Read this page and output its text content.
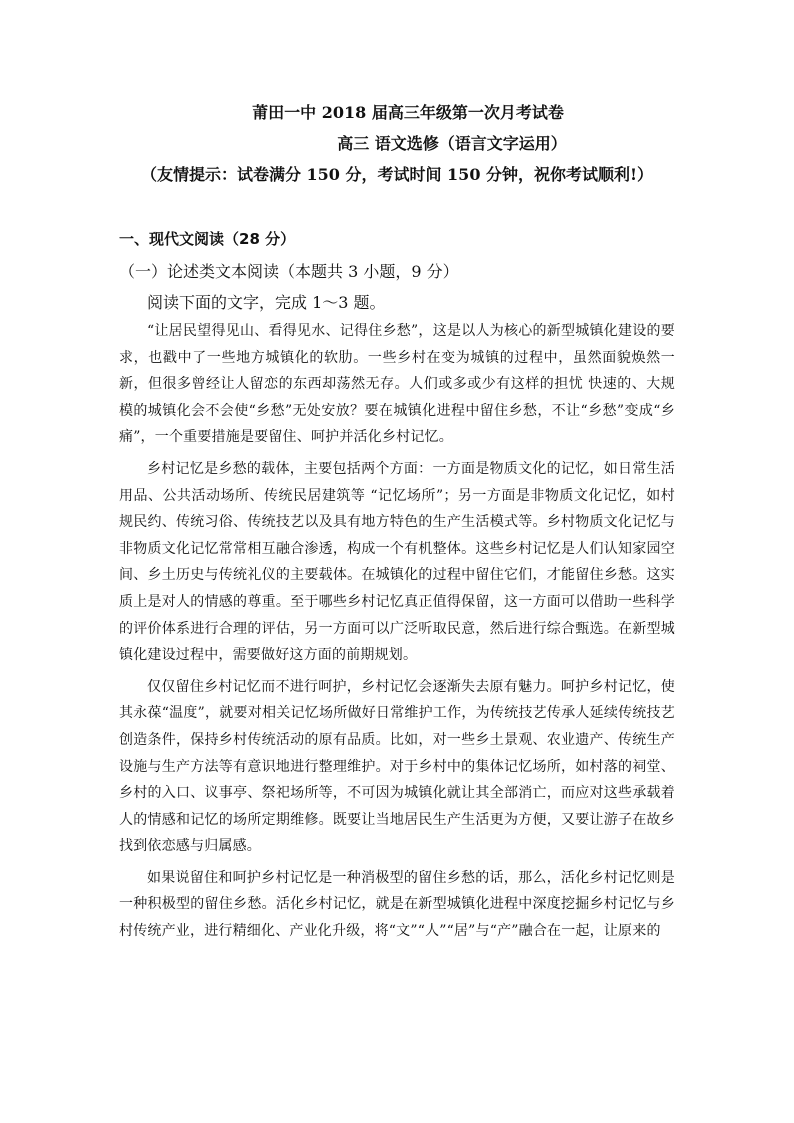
莆田一中 2018 届高三年级第一次月考试卷
高三 语文选修（语言文字运用）
（友情提示：试卷满分 150 分，考试时间 150 分钟，祝你考试顺利!）
一、现代文阅读（28 分）
（一）论述类文本阅读（本题共 3 小题，9 分）
阅读下面的文字，完成 1～3 题。

“让居民望得见山、看得见水、记得住乡愁”，这是以人为核心的新型城镇化建设的要求，也戳中了一些地方城镇化的软肋。一些乡村在变为城镇的过程中，虽然面貌焕然一新，但很多曾经让人留恋的东西却荡然无存。人们或多或少有这样的担忧 快速的、大规模的城镇化会不会使“乡愁”无处安放？要在城镇化进程中留住乡愁，不让“乡愁”变成“乡痛”，一个重要措施是要留住、呵护并活化乡村记忆。

乡村记忆是乡愁的载体，主要包括两个方面：一方面是物质文化的记忆，如日常生活用品、公共活动场所、传统民居建筑等 “记忆场所”；另一方面是非物质文化记忆，如村规民约、传统习俗、传统技艺以及具有地方特色的生产生活模式等。乡村物质文化记忆与非物质文化记忆常常相互融合渗透，构成一个有机整体。这些乡村记忆是人们认知家园空间、乡土历史与传统礼仪的主要载体。在城镇化的过程中留住它们，才能留住乡愁。这实质上是对人的情感的尊重。至于哪些乡村记忆真正值得保留，这一方面可以借助一些科学的评价体系进行合理的评估，另一方面可以广泛听取民意，然后进行综合甄选。在新型城镇化建设过程中，需要做好这方面的前期规划。

仅仅留住乡村记忆而不进行呵护，乡村记忆会逐渐失去原有魅力。呵护乡村记忆，使其永葆“温度”，就要对相关记忆场所做好日常维护工作，为传统技艺传承人延续传统技艺创造条件，保持乡村传统活动的原有品质。比如，对一些乡土景观、农业遗产、传统生产设施与生产方法等有意识地进行整理维护。对于乡村中的集体记忆场所，如村落的祠堂、乡村的入口、议事亭、祭祀场所等，不可因为城镇化就让其全部消亡，而应对这些承载着人的情感和记忆的场所定期维修。既要让当地居民生产生活更为方便，又要让游子在故乡找到依恋感与归属感。

如果说留住和呵护乡村记忆是一种消极型的留住乡愁的话，那么，活化乡村记忆则是一种积极型的留住乡愁。活化乡村记忆，就是在新型城镇化进程中深度挖掘乡村记忆与乡村传统产业，进行精细化、产业化升级，将“文”“人”“居”与“产”融合在一起，让原来的
